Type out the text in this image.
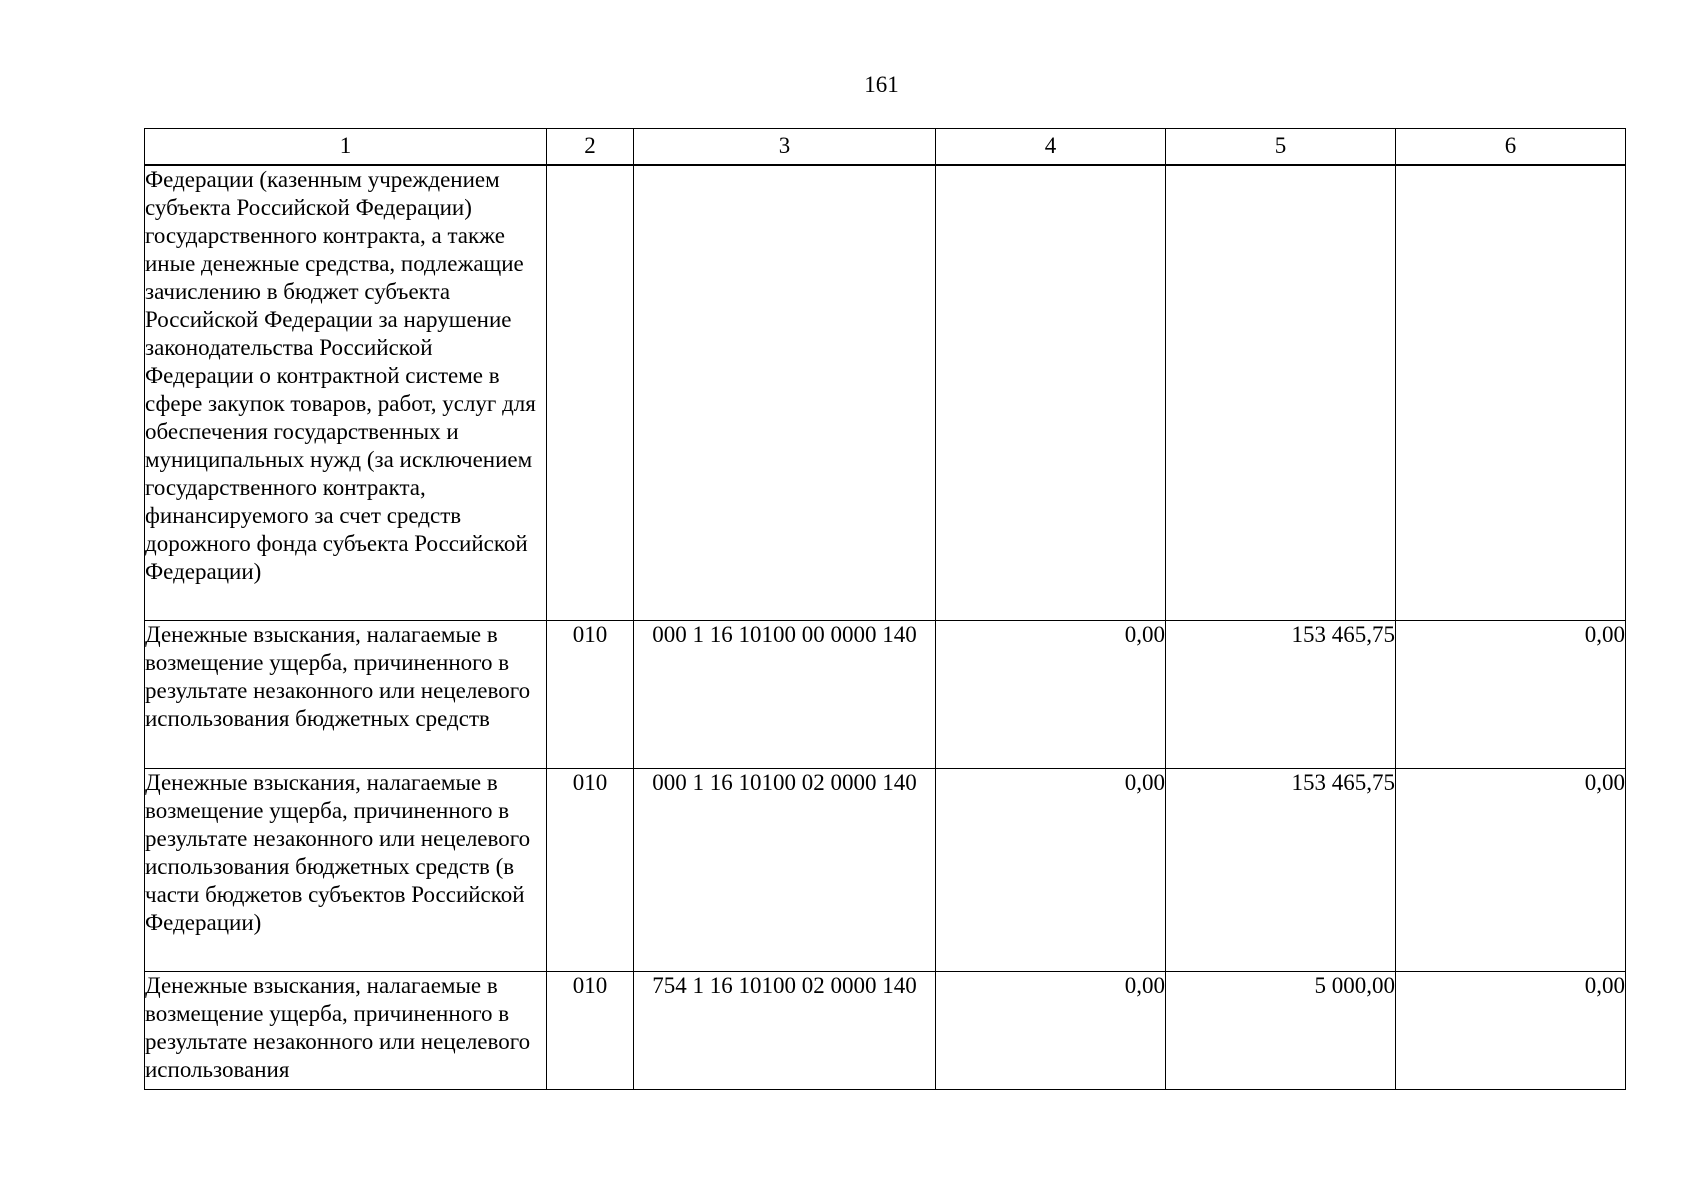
161
1	2	3	4	5	6
Федерации (казенным учреждением субъекта Российской Федерации) государственного контракта, а также иные денежные средства, подлежащие зачислению в бюджет субъекта Российской Федерации за нарушение законодательства Российской Федерации о контрактной системе в сфере закупок товаров, работ, услуг для обеспечения государственных и муниципальных нужд (за исключением государственного контракта, финансируемого за счет средств дорожного фонда субъекта Российской Федерации)					
Денежные взыскания, налагаемые в возмещение ущерба, причиненного в результате незаконного или нецелевого использования бюджетных средств	010	000 1 16 10100 00 0000 140	0,00	153 465,75	0,00
Денежные взыскания, налагаемые в возмещение ущерба, причиненного в результате незаконного или нецелевого использования бюджетных средств (в части бюджетов субъектов Российской Федерации)	010	000 1 16 10100 02 0000 140	0,00	153 465,75	0,00
Денежные взыскания, налагаемые в возмещение ущерба, причиненного в результате незаконного или нецелевого использования	010	754 1 16 10100 02 0000 140	0,00	5 000,00	0,00
